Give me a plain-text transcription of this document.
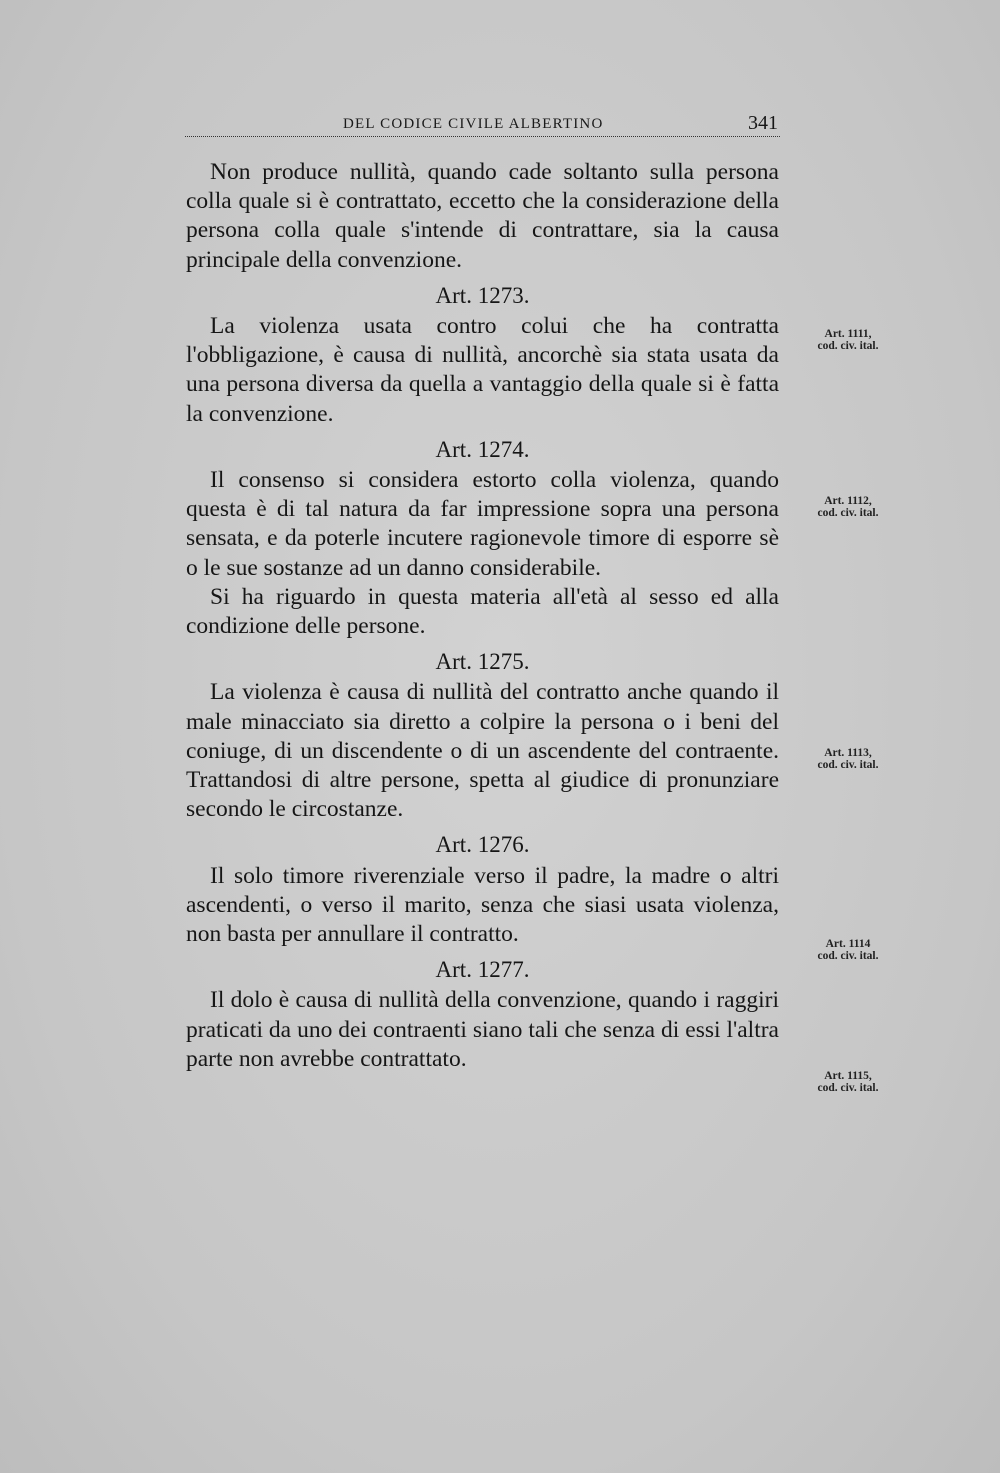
DEL CODICE CIVILE ALBERTINO	341

Non produce nullità, quando cade soltanto sulla persona colla quale si è contrattato, eccetto che la considerazione della persona colla quale s'intende di contrattare, sia la causa principale della convenzione.

Art. 1273.

La violenza usata contro colui che ha contratta l'obbligazione, è causa di nullità, ancorchè sia stata usata da una persona diversa da quella a vantaggio della quale si è fatta la convenzione.

Art. 1274.

Il consenso si considera estorto colla violenza, quando questa è di tal natura da far impressione sopra una persona sensata, e da poterle incutere ragionevole timore di esporre sè o le sue sostanze ad un danno considerabile.

Si ha riguardo in questa materia all'età al sesso ed alla condizione delle persone.

Art. 1275.

La violenza è causa di nullità del contratto anche quando il male minacciato sia diretto a colpire la persona o i beni del coniuge, di un discendente o di un ascendente del contraente. Trattandosi di altre persone, spetta al giudice di pronunziare secondo le circostanze.

Art. 1276.

Il solo timore riverenziale verso il padre, la madre o altri ascendenti, o verso il marito, senza che siasi usata violenza, non basta per annullare il contratto.

Art. 1277.

Il dolo è causa di nullità della convenzione, quando i raggiri praticati da uno dei contraenti siano tali che senza di essi l'altra parte non avrebbe contrattato.

Art. 1111,
cod. civ. ital.
Art. 1112,
cod. civ. ital.
Art. 1113,
cod. civ. ital.
Art. 1114
cod. civ. ital.
Art. 1115,
cod. civ. ital.
